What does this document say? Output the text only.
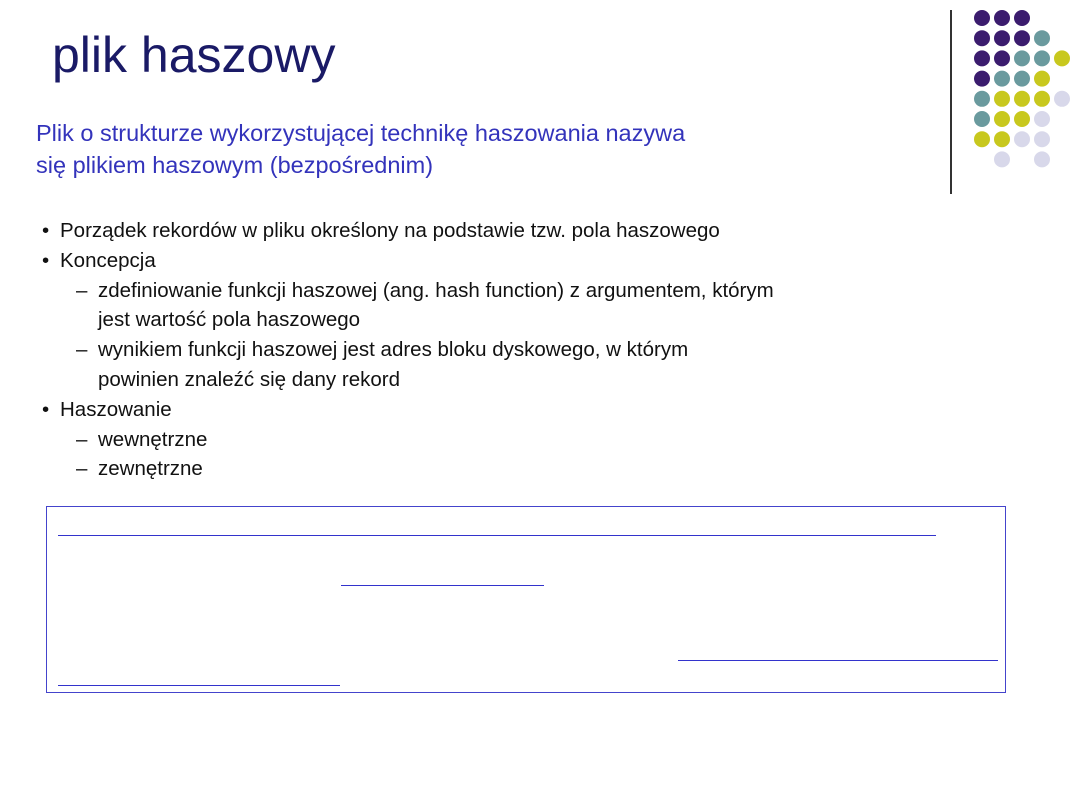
plik haszowy
Plik o strukturze wykorzystującej technikę haszowania nazywa
się plikiem haszowym (bezpośrednim)
• Porządek rekordów w pliku określony na podstawie tzw. pola haszowego
• Koncepcja
– zdefiniowanie funkcji haszowej (ang. hash function) z argumentem, którym
jest wartość pola haszowego
– wynikiem funkcji haszowej jest adres bloku dyskowego, w którym
powinien znaleźć się dany rekord
• Haszowanie
– wewnętrzne
– zewnętrzne
